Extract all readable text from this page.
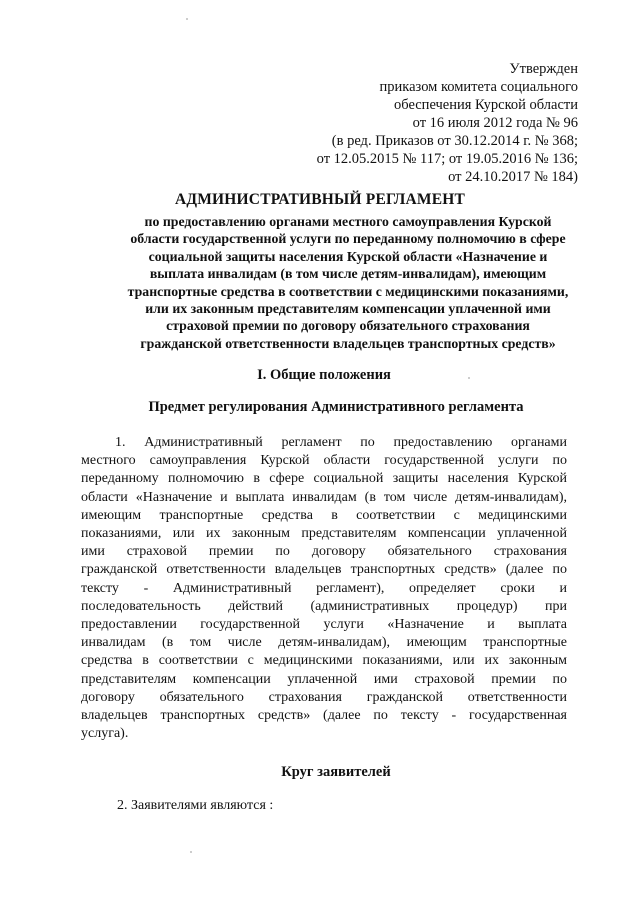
Утвержден
приказом комитета социального
обеспечения Курской области
от 16 июля 2012 года № 96
(в ред. Приказов от 30.12.2014 г. № 368;
от 12.05.2015 № 117; от 19.05.2016 № 136;
от 24.10.2017 № 184)
АДМИНИСТРАТИВНЫЙ РЕГЛАМЕНТ
по предоставлению органами местного самоуправления Курской
области государственной услуги по переданному полномочию в сфере
социальной защиты населения Курской области «Назначение и
выплата инвалидам (в том числе детям-инвалидам), имеющим
транспортные средства в соответствии с медицинскими показаниями,
или их законным представителям компенсации уплаченной ими
страховой премии по договору обязательного страхования
гражданской ответственности владельцев транспортных средств»
I. Общие положения
Предмет регулирования Административного регламента
1. Административный регламент по предоставлению органами
местного самоуправления Курской области государственной услуги по
переданному полномочию в сфере социальной защиты населения Курской
области «Назначение и выплата инвалидам (в том числе детям-инвалидам),
имеющим транспортные средства в соответствии с медицинскими
показаниями, или их законным представителям компенсации уплаченной
ими страховой премии по договору обязательного страхования
гражданской ответственности владельцев транспортных средств» (далее по
тексту - Административный регламент), определяет сроки и
последовательность действий (административных процедур) при
предоставлении государственной услуги «Назначение и выплата
инвалидам (в том числе детям-инвалидам), имеющим транспортные
средства в соответствии с медицинскими показаниями, или их законным
представителям компенсации уплаченной ими страховой премии по
договору обязательного страхования гражданской ответственности
владельцев транспортных средств» (далее по тексту - государственная
услуга).
Круг заявителей
2. Заявителями являются :
